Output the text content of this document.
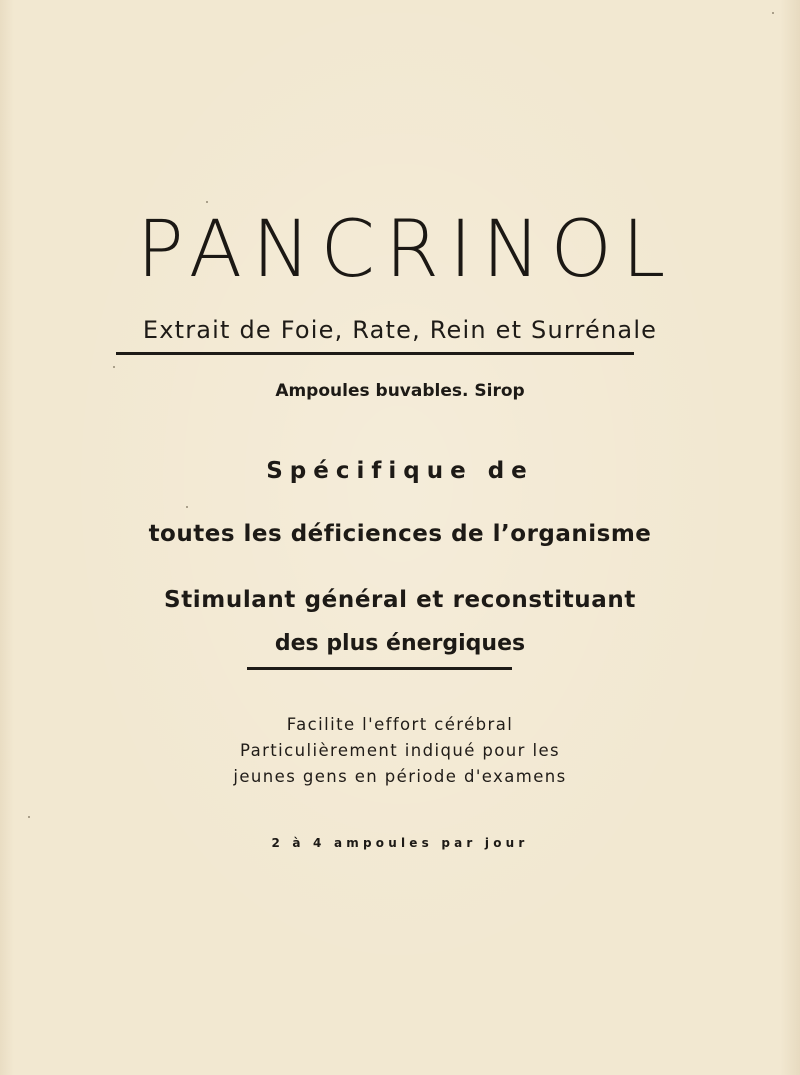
PANCRINOL
Extrait de Foie, Rate, Rein et Surrénale
Ampoules buvables. Sirop
Spécifique de
toutes les déficiences de l’organisme
Stimulant général et reconstituant
des plus énergiques
Facilite l'effort cérébral
Particulièrement indiqué pour les
jeunes gens en période d'examens
2 à 4 ampoules par jour
